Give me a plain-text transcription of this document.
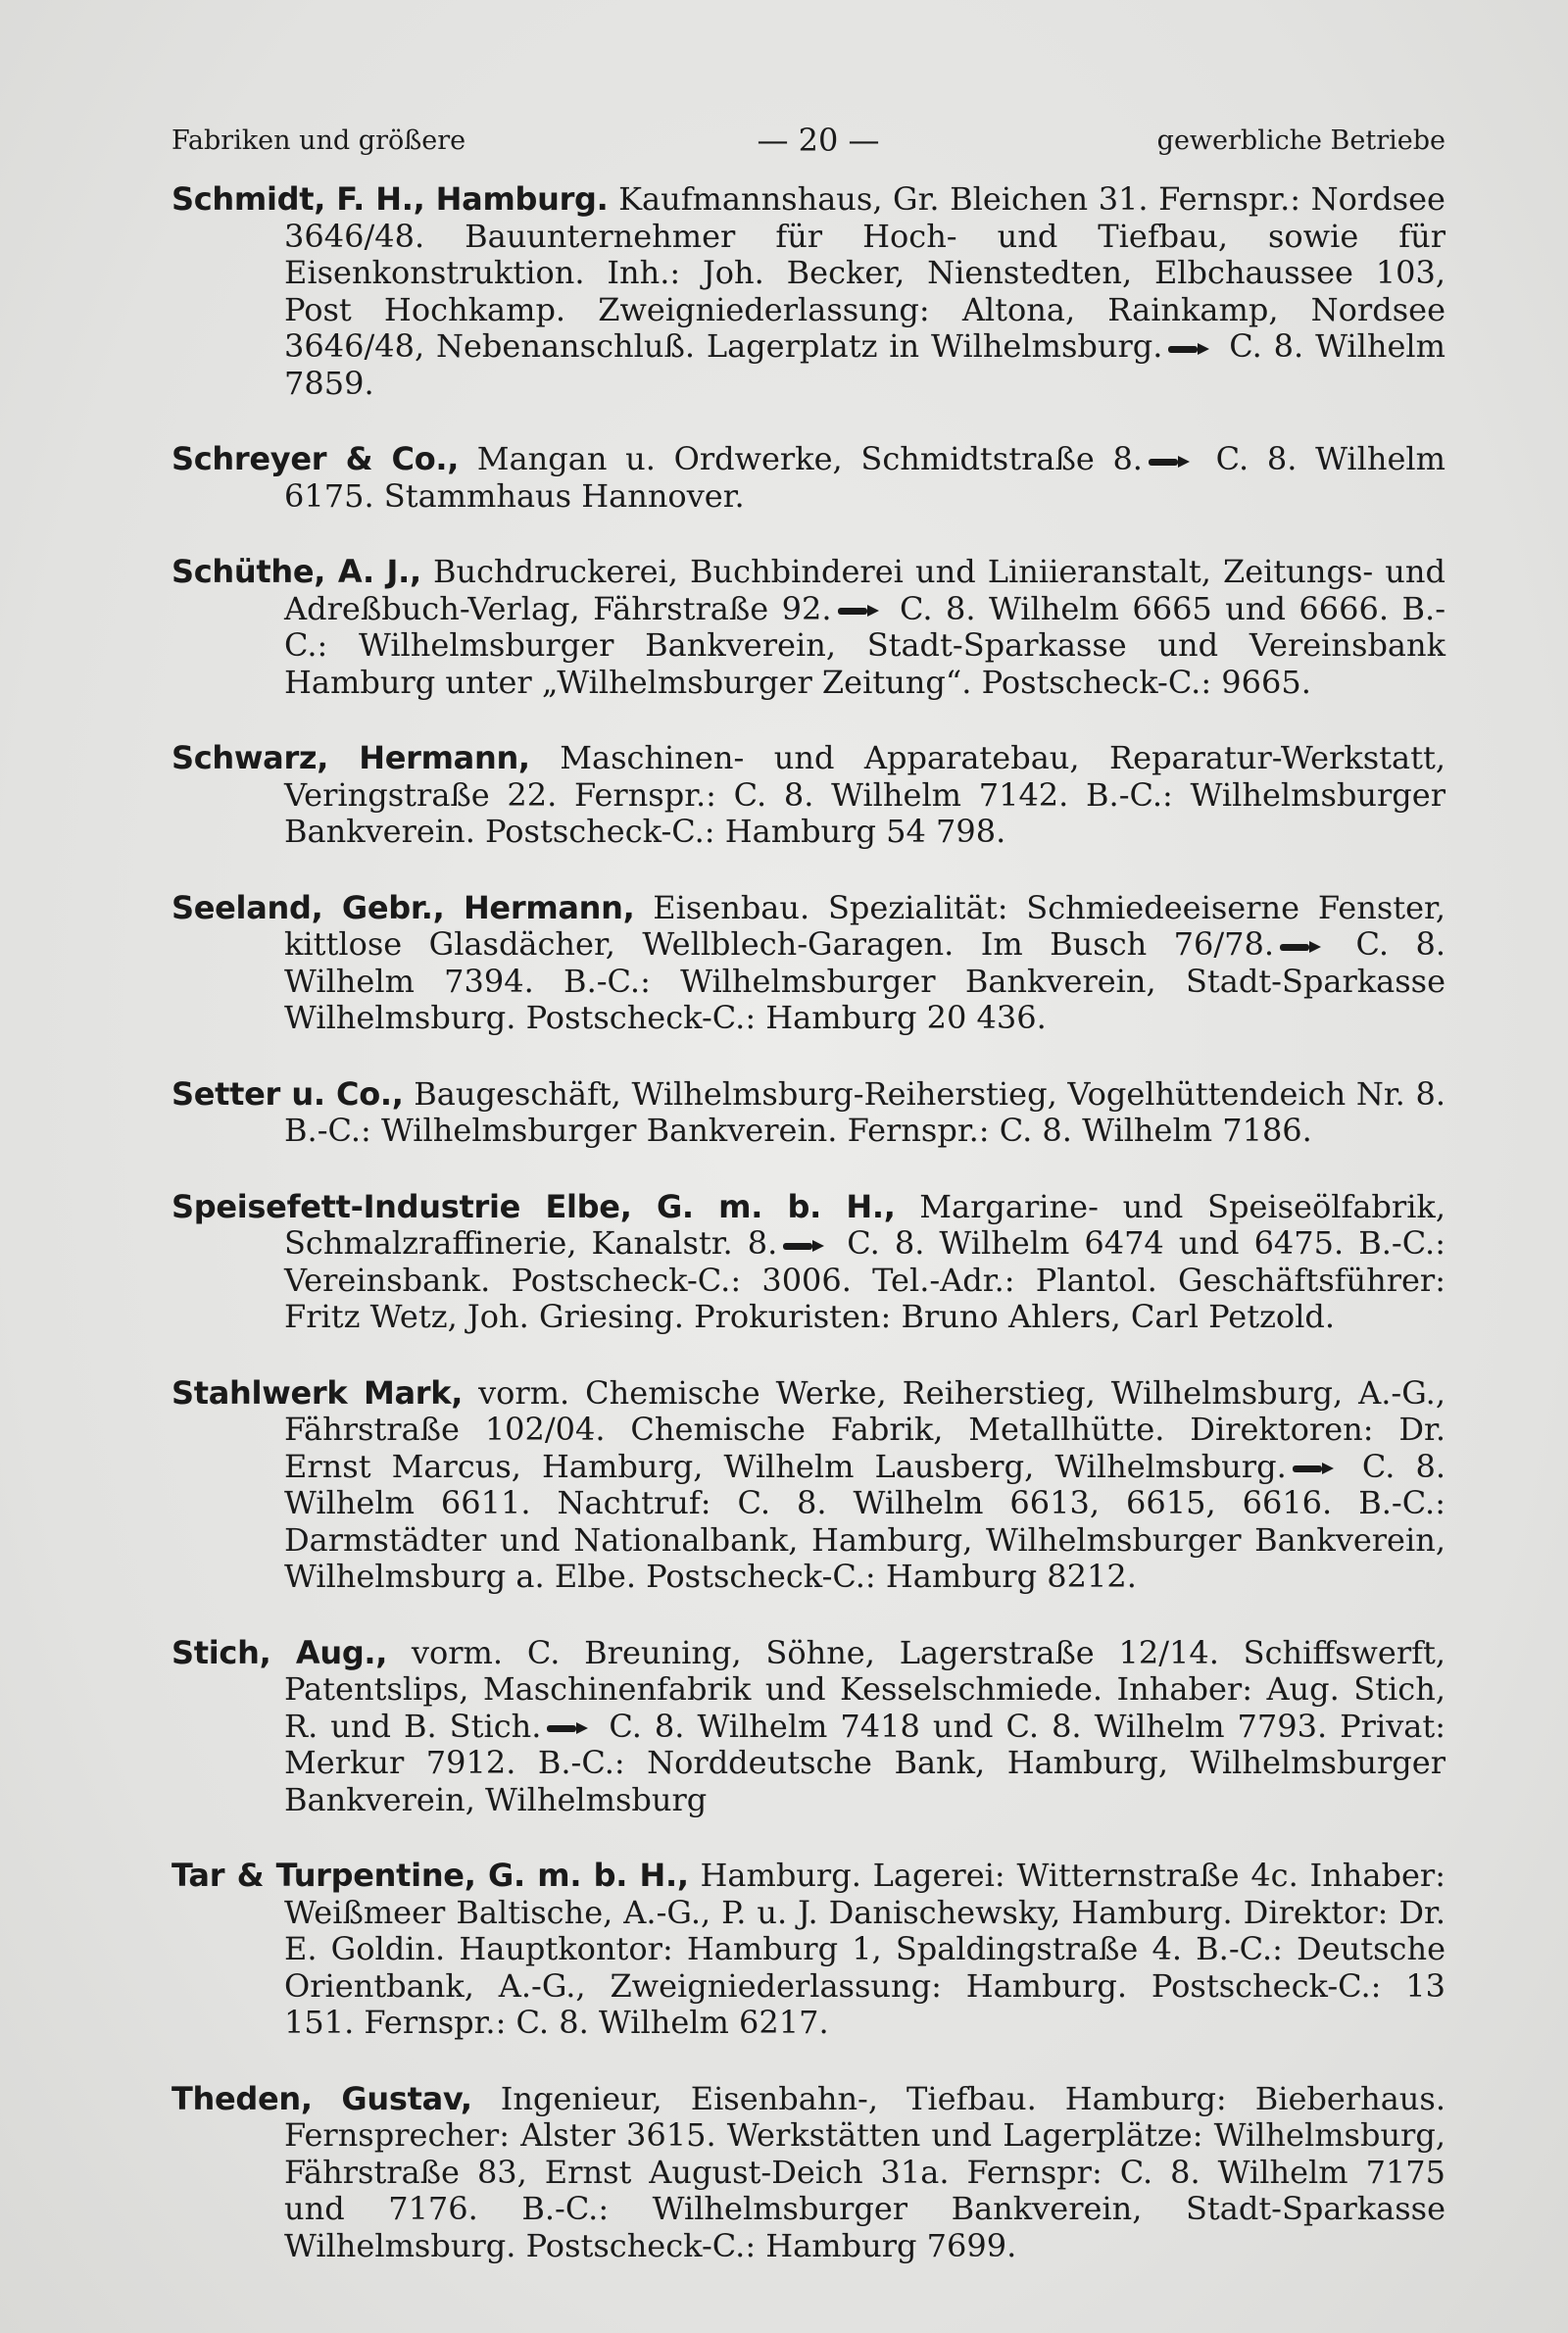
Fabriken und größere	— 20 —	gewerbliche Betriebe

Schmidt, F. H., Hamburg. Kaufmannshaus, Gr. Bleichen 31. Fernspr.: Nordsee 3646/48. Bauunternehmer für Hoch- und Tiefbau, sowie für Eisenkonstruktion. Inh.: Joh. Becker, Nienstedten, Elbchaussee 103, Post Hochkamp. Zweigniederlassung: Altona, Rainkamp, Nordsee 3646/48, Nebenanschluß. Lagerplatz in Wilhelmsburg. C. 8. Wilhelm 7859.

Schreyer & Co., Mangan u. Ordwerke, Schmidtstraße 8. C. 8. Wilhelm 6175. Stammhaus Hannover.

Schüthe, A. J., Buchdruckerei, Buchbinderei und Liniieranstalt, Zeitungs- und Adreßbuch-Verlag, Fährstraße 92. C. 8. Wilhelm 6665 und 6666. B.-C.: Wilhelmsburger Bankverein, Stadt-Sparkasse und Vereinsbank Hamburg unter „Wilhelmsburger Zeitung“. Postscheck-C.: 9665.

Schwarz, Hermann, Maschinen- und Apparatebau, Reparatur-Werkstatt, Veringstraße 22. Fernspr.: C. 8. Wilhelm 7142. B.-C.: Wilhelmsburger Bankverein. Postscheck-C.: Hamburg 54 798.

Seeland, Gebr., Hermann, Eisenbau. Spezialität: Schmiedeeiserne Fenster, kittlose Glasdächer, Wellblech-Garagen. Im Busch 76/78. C. 8. Wilhelm 7394. B.-C.: Wilhelmsburger Bankverein, Stadt-Sparkasse Wilhelmsburg. Postscheck-C.: Hamburg 20 436.

Setter u. Co., Baugeschäft, Wilhelmsburg-Reiherstieg, Vogelhüttendeich Nr. 8. B.-C.: Wilhelmsburger Bankverein. Fernspr.: C. 8. Wilhelm 7186.

Speisefett-Industrie Elbe, G. m. b. H., Margarine- und Speiseölfabrik, Schmalzraffinerie, Kanalstr. 8. C. 8. Wilhelm 6474 und 6475. B.-C.: Vereinsbank. Postscheck-C.: 3006. Tel.-Adr.: Plantol. Geschäftsführer: Fritz Wetz, Joh. Griesing. Prokuristen: Bruno Ahlers, Carl Petzold.

Stahlwerk Mark, vorm. Chemische Werke, Reiherstieg, Wilhelmsburg, A.-G., Fährstraße 102/04. Chemische Fabrik, Metallhütte. Direktoren: Dr. Ernst Marcus, Hamburg, Wilhelm Lausberg, Wilhelmsburg. C. 8. Wilhelm 6611. Nachtruf: C. 8. Wilhelm 6613, 6615, 6616. B.-C.: Darmstädter und Nationalbank, Hamburg, Wilhelmsburger Bankverein, Wilhelmsburg a. Elbe. Postscheck-C.: Hamburg 8212.

Stich, Aug., vorm. C. Breuning, Söhne, Lagerstraße 12/14. Schiffswerft, Patentslips, Maschinenfabrik und Kesselschmiede. Inhaber: Aug. Stich, R. und B. Stich. C. 8. Wilhelm 7418 und C. 8. Wilhelm 7793. Privat: Merkur 7912. B.-C.: Norddeutsche Bank, Hamburg, Wilhelmsburger Bankverein, Wilhelmsburg

Tar & Turpentine, G. m. b. H., Hamburg. Lagerei: Witternstraße 4c. Inhaber: Weißmeer Baltische, A.-G., P. u. J. Danischewsky, Hamburg. Direktor: Dr. E. Goldin. Hauptkontor: Hamburg 1, Spaldingstraße 4. B.-C.: Deutsche Orientbank, A.-G., Zweigniederlassung: Hamburg. Postscheck-C.: 13 151. Fernspr.: C. 8. Wilhelm 6217.

Theden, Gustav, Ingenieur, Eisenbahn-, Tiefbau. Hamburg: Bieberhaus. Fernsprecher: Alster 3615. Werkstätten und Lagerplätze: Wilhelmsburg, Fährstraße 83, Ernst August-Deich 31a. Fernspr: C. 8. Wilhelm 7175 und 7176. B.-C.: Wilhelmsburger Bankverein, Stadt-Sparkasse Wilhelmsburg. Postscheck-C.: Hamburg 7699.
